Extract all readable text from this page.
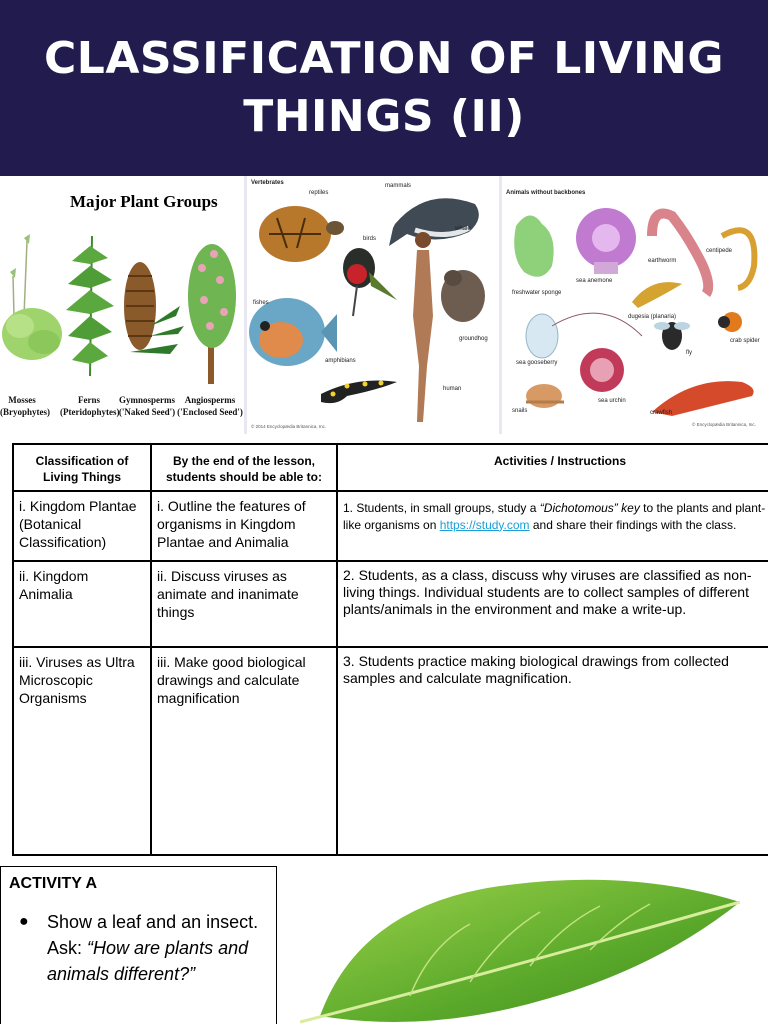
CLASSIFICATION OF LIVING
THINGS (II)
Major Plant Groups
Mosses
(Bryophytes)
Ferns
(Pteridophytes)
Gymnosperms
('Naked Seed')
Angiosperms
('Enclosed Seed')
Vertebrates
reptiles
mammals
birds
whale
fishes
groundhog
amphibians
human
© 2014 Encyclopædia Britannica, Inc.
Animals without backbones
centipede
sea anemone
earthworm
freshwater sponge
dugesia (planaria)
sea gooseberry
fly
crab spider
snails
sea urchin
crawfish
© Encyclopædia Britannica, Inc.
Classification of Living Things	By the end of the lesson, students should be able to:	Activities / Instructions
i. Kingdom Plantae (Botanical Classification)	i. Outline the features of organisms in Kingdom Plantae and Animalia	1. Students, in small groups, study a “Dichotomous” key to the plants and plant-like organisms on https://study.com and share their findings with the class.
ii. Kingdom Animalia	ii. Discuss viruses as animate and inanimate things	2. Students, as a class, discuss why viruses are classified as non-living things. Individual students are to collect samples of different plants/animals in the environment and make a write-up.
iii. Viruses as Ultra Microscopic Organisms	iii. Make good biological drawings and calculate magnification	3. Students practice making biological drawings from collected samples and calculate magnification.
ACTIVITY A
● Show a leaf and an insect. Ask: “How are plants and animals different?”
